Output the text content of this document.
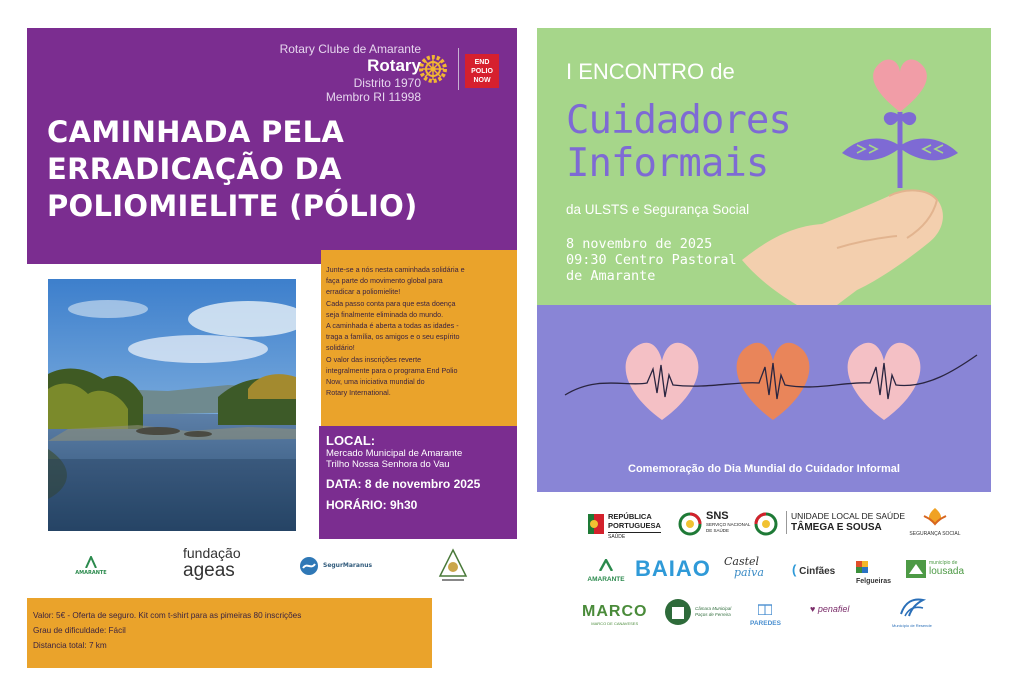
Rotary Clube de Amarante
Rotary
Distrito 1970
Membro RI 11998
END
POLIO
NOW
CAMINHADA PELA
ERRADICAÇÃO DA
POLIOMIELITE (PÓLIO)

Junte-se a nós nesta caminhada solidária e

faça parte do movimento global para

erradicar a poliomielite!

Cada passo conta para que esta doença

seja finalmente eliminada do mundo.

A caminhada é aberta a todas as idades -

traga a família, os amigos e o seu espírito

solidário!

O valor das inscrições reverte

integralmente para o programa End Polio

Now, uma iniciativa mundial do

Rotary International.

LOCAL:
Mercado Municipal de Amarante
Trilho Nossa Senhora do Vau
DATA: 8 de novembro 2025
HORÁRIO: 9h30
AMARANTE
fundação
ageas	SegurMaranus
Valor: 5€ - Oferta de seguro. Kit com t-shirt para as pimeiras 80 inscrições
Grau de dificuldade: Fácil
Distancia total: 7 km
I ENCONTRO de
Cuidadores
Informais
da ULSTS e Segurança Social
8 novembro de 2025
09:30 Centro Pastoral
de Amarante
Comemoração do Dia Mundial do Cuidador Informal
REPÚBLICA
PORTUGUESA
SAÚDE
SNS
SERVIÇO NACIONAL
DE SAÚDE
UNIDADE LOCAL DE SAÚDE
TÂMEGA E SOUSA
SEGURANÇA SOCIAL
AMARANTE BAIAO Castel
paiva ( Cinfães
Felgueiras
município de
lousada
MARCO
MARCO DE CANAVESES
Câmara Municipal
Paços de Ferreira
PAREDES
♥ penafiel
Município de Resende
